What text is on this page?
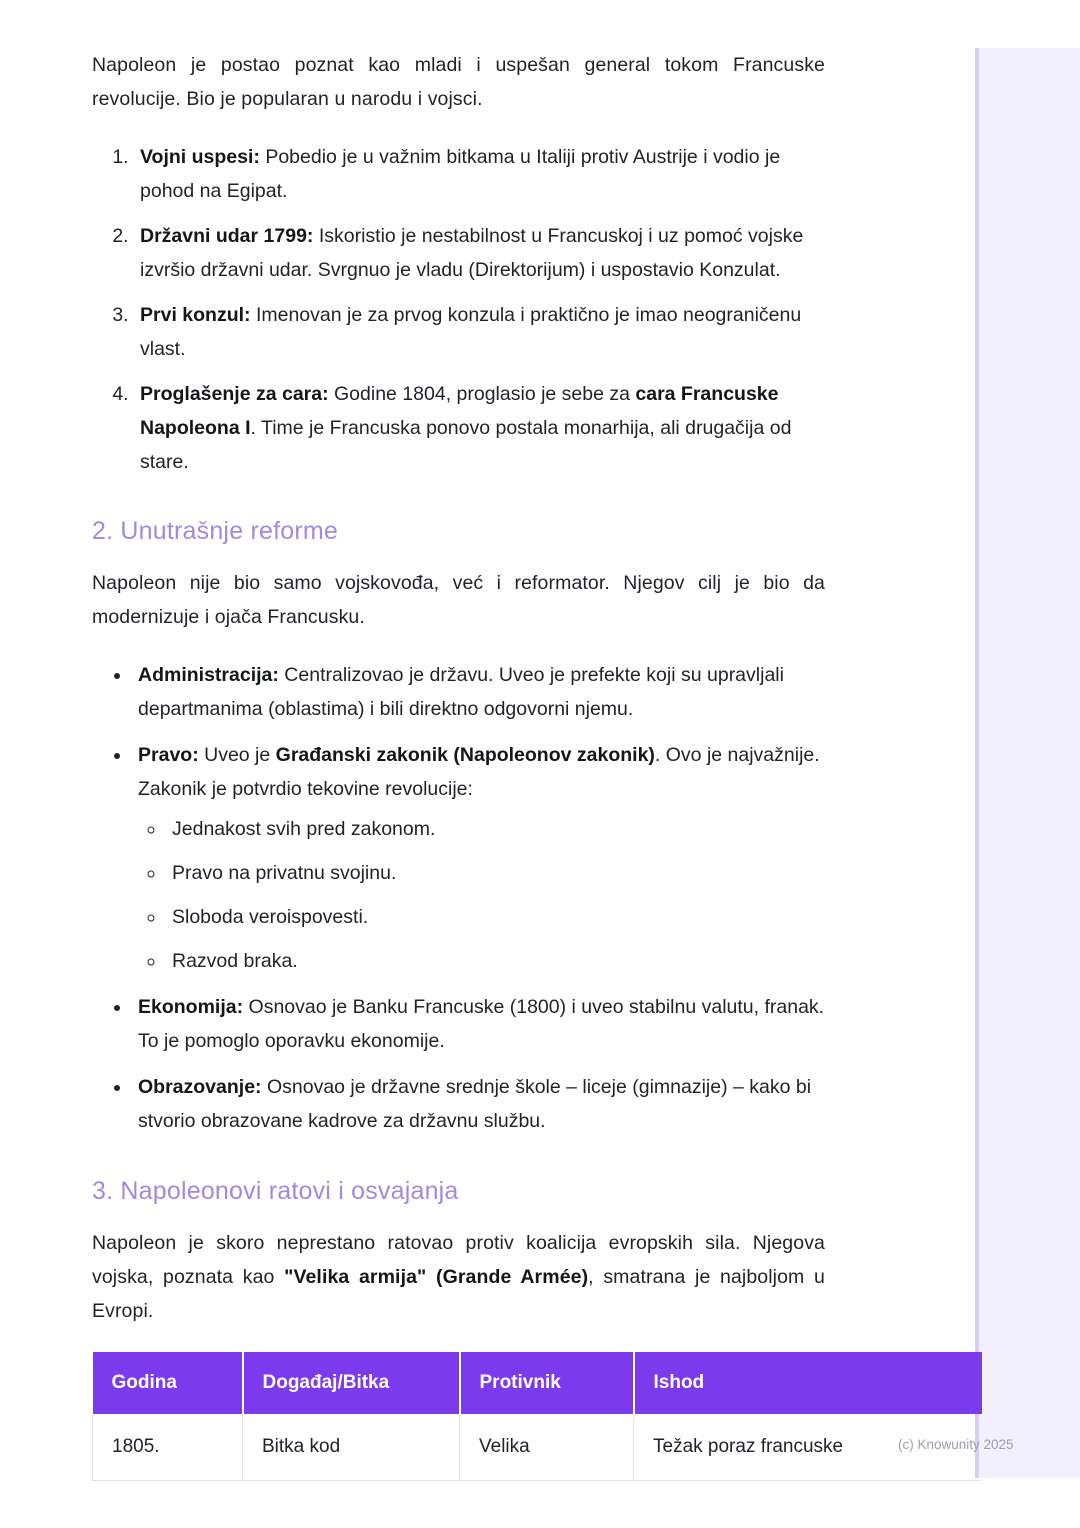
Napoleon je postao poznat kao mladi i uspešan general tokom Francuske revolucije. Bio je popularan u narodu i vojsci.

1. Vojni uspesi: Pobedio je u važnim bitkama u Italiji protiv Austrije i vodio je pohod na Egipat.
2. Državni udar 1799: Iskoristio je nestabilnost u Francuskoj i uz pomoć vojske izvršio državni udar. Svrgnuo je vladu (Direktorijum) i uspostavio Konzulat.
3. Prvi konzul: Imenovan je za prvog konzula i praktično je imao neograničenu vlast.
4. Proglašenje za cara: Godine 1804, proglasio je sebe za cara Francuske Napoleona I. Time je Francuska ponovo postala monarhija, ali drugačija od stare.
2. Unutrašnje reforme

Napoleon nije bio samo vojskovođa, već i reformator. Njegov cilj je bio da modernizuje i ojača Francusku.

• Administracija: Centralizovao je državu. Uveo je prefekte koji su upravljali departmanima (oblastima) i bili direktno odgovorni njemu.
• Pravo: Uveo je Građanski zakonik (Napoleonov zakonik). Ovo je najvažnije. Zakonik je potvrdio tekovine revolucije:
◦ Jednakost svih pred zakonom.
◦ Pravo na privatnu svojinu.
◦ Sloboda veroispovesti.
◦ Razvod braka.
• Ekonomija: Osnovao je Banku Francuske (1800) i uveo stabilnu valutu, franak. To je pomoglo oporavku ekonomije.
• Obrazovanje: Osnovao je državne srednje škole – liceje (gimnazije) – kako bi stvorio obrazovane kadrove za državnu službu.
3. Napoleonovi ratovi i osvajanja

Napoleon je skoro neprestano ratovao protiv koalicija evropskih sila. Njegova vojska, poznata kao "Velika armija" (Grande Armée), smatrana je najboljom u Evropi.

Godina	Događaj/Bitka	Protivnik	Ishod
1805.	Bitka kod	Velika	Težak poraz francuske	(c) Knowunity 2025
